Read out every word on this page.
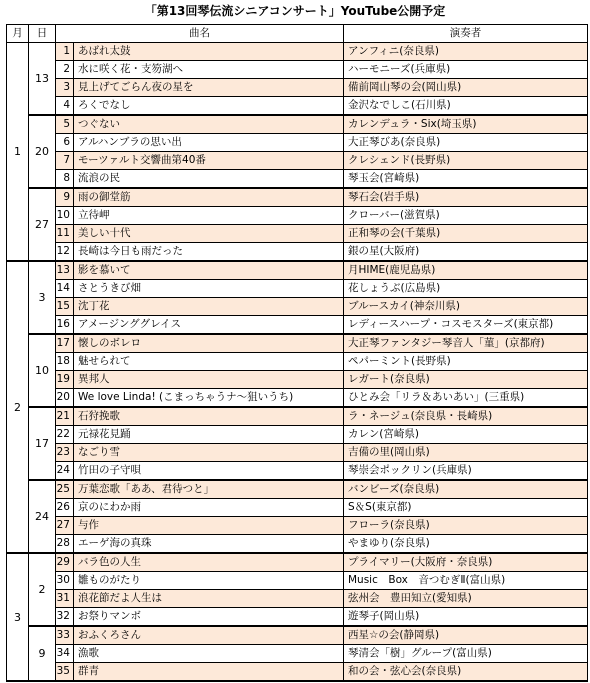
「第13回琴伝流シニアコンサート」YouTube公開予定
月	日	曲名		演奏者
1	13	1	あばれ太鼓	アンフィニ(奈良県)
		2	水に咲く花・支笏湖へ	ハーモニーズ(兵庫県)
		3	見上げてごらん夜の星を	備前岡山琴の会(岡山県)
		4	ろくでなし	金沢なでしこ(石川県)
	20	5	つぐない	カレンデュラ・Six(埼玉県)
		6	アルハンブラの思い出	大正琴びあ(奈良県)
		7	モーツァルト交響曲第40番	クレシェンド(長野県)
		8	流浪の民	琴玉会(宮崎県)
	27	9	雨の御堂筋	琴石会(岩手県)
		10	立待岬	クローバー(滋賀県)
		11	美しい十代	正和琴の会(千葉県)
		12	長崎は今日も雨だった	銀の星(大阪府)
2	3	13	影を慕いて	月HIME(鹿児島県)
		14	さとうきび畑	花しょうぶ(広島県)
		15	沈丁花	ブルースカイ(神奈川県)
		16	アメージンググレイス	レディースハープ・コスモスターズ(東京都)
	10	17	懐しのボレロ	大正琴ファンタジー琴音人「菫」(京都府)
		18	魅せられて	ペパーミント(長野県)
		19	異邦人	レガート(奈良県)
		20	We love Linda! (こまっちゃうナ～狙いうち)	ひとみ会「リラ＆あいあい」(三重県)
	17	21	石狩挽歌	ラ・ネージュ(奈良県・長崎県)
		22	元禄花見踊	カレン(宮崎県)
		23	なごり雪	吉備の里(岡山県)
		24	竹田の子守唄	琴崇会ポックリン(兵庫県)
	24	25	万葉恋歌「ああ、君待つと」	バンビーズ(奈良県)
		26	京のにわか雨	S＆S(東京都)
		27	与作	フローラ(奈良県)
		28	エーゲ海の真珠	やまゆり(奈良県)
3	2	29	バラ色の人生	プライマリー(大阪府・奈良県)
		30	雛ものがたり	Music　Box　音つむぎⅡ(富山県)
		31	浪花節だよ人生は	弦州会　豊田知立(愛知県)
		32	お祭りマンボ	遊琴子(岡山県)
	9	33	おふくろさん	西星☆の会(静岡県)
		34	漁歌	琴清会「樹」グループ(富山県)
		35	群青	和の会・弦心会(奈良県)
